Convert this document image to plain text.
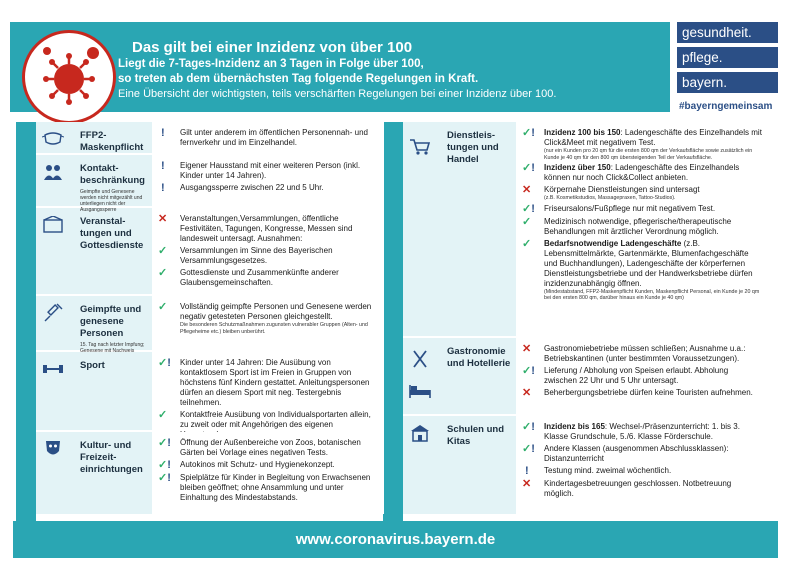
Das gilt bei einer Inzidenz von über 100
Liegt die 7-Tages-Inzidenz an 3 Tagen in Folge über 100,
so treten ab dem übernächsten Tag folgende Regelungen in Kraft.
Eine Übersicht der wichtigsten, teils verschärften Regelungen bei einer Inzidenz über 100.
gesundheit.
pflege.
bayern.
#bayerngemeinsam
FFP2-Maskenpflicht
!	Gilt unter anderem im öffentlichen Personennah- und fernverkehr und im Einzelhandel.
Kontakt-beschränkung
Geimpfte und Genesene werden nicht mitgezählt und unterliegen nicht der Ausgangssperre
!	Eigener Hausstand mit einer weiteren Person (inkl. Kinder unter 14 Jahren).
!	Ausgangssperre zwischen 22 und 5 Uhr.
Veranstal-tungen und Gottesdienste
✕	Veranstaltungen,Versammlungen, öffentliche Festivitäten, Tagungen, Kongresse, Messen sind landesweit untersagt. Ausnahmen:
✓	Versammlungen im Sinne des Bayerischen Versammlungsgesetzes.
✓	Gottesdienste und Zusammenkünfte anderer Glaubensgemeinschaften.
Geimpfte und genesene Personen
15. Tag nach letzter Impfung; Genesene mit Nachweis
✓	Vollständig geimpfte Personen und Genesene werden negativ getesteten Personen gleichgestellt.
Die besonderen Schutzmaßnahmen zugunsten vulnerabler Gruppen (Alten- und Pflegeheime etc.) bleiben unberührt.
Sport	✓!	Kinder unter 14 Jahren: Die Ausübung von kontaktlosem Sport ist im Freien in Gruppen von höchstens fünf Kindern gestattet. Anleitungspersonen dürfen an diesem Sport mit neg. Testergebnis teilnehmen.
✓	Kontaktfreie Ausübung von Individualsportarten allein, zu zweit oder mit Angehörigen des eigenen
Kultur- und Freizeit-einrichtungen
✓!	Öffnung der Außenbereiche von Zoos, botanischen Gärten bei Vorlage eines negativen Tests.
✓!	Autokinos mit Schutz- und Hygienekonzept.
✓!	Spielplätze für Kinder in Begleitung von Erwachsenen bleiben geöffnet; ohne Ansammlung und unter Einhaltung des Mindestabstands.
Dienstleis-tungen und Handel
✓!	Inzidenz 100 bis 150: Ladengeschäfte des Einzelhandels mit Click&Meet mit negativem Test.
(nur ein Kunden pro 20 qm für die ersten 800 qm der Verkaufsfläche sowie zusätzlich ein Kunde je 40 qm für den 800 qm übersteigenden Teil der Verkaufsfläche.
✓!	Inzidenz über 150: Ladengeschäfte des Einzelhandels können nur noch Click&Collect anbieten.
✕	Körpernahe Dienstleistungen sind untersagt
(z.B. Kosmetikstudios, Massagepraxen, Tattoo-Studios).
✓!	Friseursalons/Fußpflege nur mit negativem Test.
✓	Medizinisch notwendige, pflegerische/therapeutische Behandlungen mit ärztlicher Verordnung möglich.
✓	Bedarfsnotwendige Ladengeschäfte (z.B. Lebensmittelmärkte, Gartenmärkte, Blumenfachgeschäfte und Buchhandlungen), Ladengeschäfte der körperfernen Dienstleistungsbetriebe und der Handwerksbetriebe dürfen inzidenzunabhängig öffnen.
(Mindestabstand, FFP2-Maskenpflicht Kunden, Maskenpflicht Personal, ein Kunde je 20 qm bei den ersten 800 qm, darüber hinaus ein Kunde je 40 qm)
Gastronomie und Hotellerie
✕	Gastronomiebetriebe müssen schließen; Ausnahme u.a.: Betriebskantinen (unter bestimmten Voraussetzungen).
✓!	Lieferung / Abholung von Speisen erlaubt. Abholung zwischen 22 Uhr und 5 Uhr untersagt.
✕	Beherbergungsbetriebe dürfen keine Touristen aufnehmen.
Schulen und Kitas
✓!	Inzidenz bis 165: Wechsel-/Präsenzunterricht: 1. bis 3. Klasse Grundschule, 5./6. Klasse Förderschule.
✓!	Andere Klassen (ausgenommen Abschlussklassen): Distanzunterricht
!	Testung mind. zweimal wöchentlich.
✕	Kindertagesbetreuungen geschlossen. Notbetreuung möglich.
www.coronavirus.bayern.de
